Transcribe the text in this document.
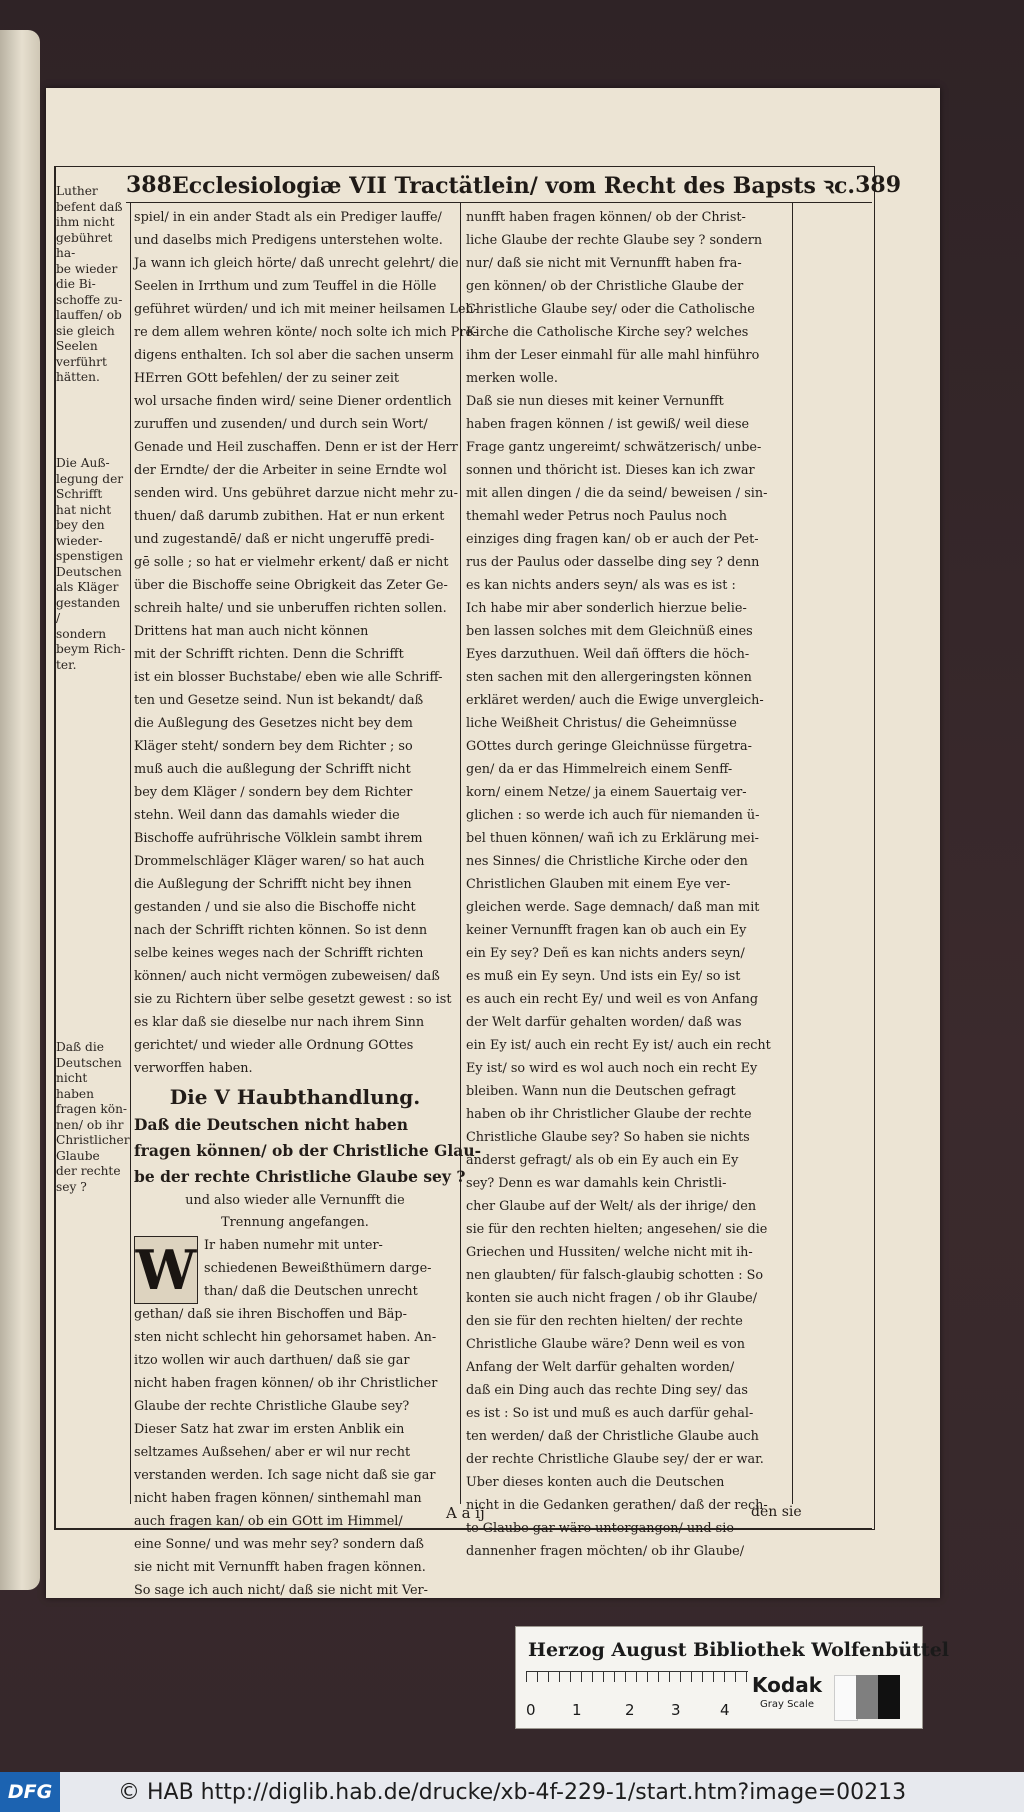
388 Ecclesiologiæ VII Tractätlein/ vom Recht des Bapsts ꝛc. 389
Luther
befent daß
ihm nicht
gebühret ha-
be wieder
die Bi-
schoffe zu-
lauffen/ ob
sie gleich
Seelen
verführt
hätten.
Die Auß-
legung der
Schrifft
hat nicht
bey den
wieder-
spenstigen
Deutschen
als Kläger
gestanden /
sondern
beym Rich-
ter.
Daß die
Deutschen
nicht haben
fragen kön-
nen/ ob ihr
Christlicher
Glaube
der rechte
sey ?
spiel/ in ein ander Stadt als ein Prediger lauffe/
und daselbs mich Predigens unterstehen wolte.
Ja wann ich gleich hörte/ daß unrecht gelehrt/ die
Seelen in Irrthum und zum Teuffel in die Hölle
geführet würden/ und ich mit meiner heilsamen Leh-
re dem allem wehren könte/ noch solte ich mich Pre-
digens enthalten. Ich sol aber die sachen unserm
HErren GOtt befehlen/ der zu seiner zeit
wol ursache finden wird/ seine Diener ordentlich
zuruffen und zusenden/ und durch sein Wort/
Genade und Heil zuschaffen. Denn er ist der Herr
der Erndte/ der die Arbeiter in seine Erndte wol
senden wird. Uns gebühret darzue nicht mehr zu-
thuen/ daß darumb zubithen. Hat er nun erkent
und zugestandē/ daß er nicht ungeruffē predi-
gē solle ; so hat er vielmehr erkent/ daß er nicht
über die Bischoffe seine Obrigkeit das Zeter Ge-
schreih halte/ und sie unberuffen richten sollen.
Drittens hat man auch nicht können
mit der Schrifft richten. Denn die Schrifft
ist ein blosser Buchstabe/ eben wie alle Schriff-
ten und Gesetze seind. Nun ist bekandt/ daß
die Außlegung des Gesetzes nicht bey dem
Kläger steht/ sondern bey dem Richter ; so
muß auch die außlegung der Schrifft nicht
bey dem Kläger / sondern bey dem Richter
stehn. Weil dann das damahls wieder die
Bischoffe aufrührische Völklein sambt ihrem
Drommelschläger Kläger waren/ so hat auch
die Außlegung der Schrifft nicht bey ihnen
gestanden / und sie also die Bischoffe nicht
nach der Schrifft richten können. So ist denn
selbe keines weges nach der Schrifft richten
können/ auch nicht vermögen zubeweisen/ daß
sie zu Richtern über selbe gesetzt gewest : so ist
es klar daß sie dieselbe nur nach ihrem Sinn
gerichtet/ und wieder alle Ordnung GOttes
verworffen haben.
Die V Haubthandlung.
Daß die Deutschen nicht haben
fragen können/ ob der Christliche Glau-
be der rechte Christliche Glaube sey ?
und also wieder alle Vernunfft die
Trennung angefangen.
W Ir haben numehr mit unter-
schiedenen Beweißthümern darge-
than/ daß die Deutschen unrecht
gethan/ daß sie ihren Bischoffen und Bäp-
sten nicht schlecht hin gehorsamet haben. An-
itzo wollen wir auch darthuen/ daß sie gar
nicht haben fragen können/ ob ihr Christlicher
Glaube der rechte Christliche Glaube sey?
Dieser Satz hat zwar im ersten Anblik ein
seltzames Außsehen/ aber er wil nur recht
verstanden werden. Ich sage nicht daß sie gar
nicht haben fragen können/ sinthemahl man
auch fragen kan/ ob ein GOtt im Himmel/
eine Sonne/ und was mehr sey? sondern daß
sie nicht mit Vernunfft haben fragen können.
So sage ich auch nicht/ daß sie nicht mit Ver-
nunfft haben fragen können/ ob der Christ-
liche Glaube der rechte Glaube sey ? sondern
nur/ daß sie nicht mit Vernunfft haben fra-
gen können/ ob der Christliche Glaube der
Christliche Glaube sey/ oder die Catholische
Kirche die Catholische Kirche sey? welches
ihm der Leser einmahl für alle mahl hinführo
merken wolle.
Daß sie nun dieses mit keiner Vernunfft
haben fragen können / ist gewiß/ weil diese
Frage gantz ungereimt/ schwätzerisch/ unbe-
sonnen und thöricht ist. Dieses kan ich zwar
mit allen dingen / die da seind/ beweisen / sin-
themahl weder Petrus noch Paulus noch
einziges ding fragen kan/ ob er auch der Pet-
rus der Paulus oder dasselbe ding sey ? denn
es kan nichts anders seyn/ als was es ist :
Ich habe mir aber sonderlich hierzue belie-
ben lassen solches mit dem Gleichnüß eines
Eyes darzuthuen. Weil dañ öffters die höch-
sten sachen mit den allergeringsten können
erkläret werden/ auch die Ewige unvergleich-
liche Weißheit Christus/ die Geheimnüsse
GOttes durch geringe Gleichnüsse fürgetra-
gen/ da er das Himmelreich einem Senff-
korn/ einem Netze/ ja einem Sauertaig ver-
glichen : so werde ich auch für niemanden ü-
bel thuen können/ wañ ich zu Erklärung mei-
nes Sinnes/ die Christliche Kirche oder den
Christlichen Glauben mit einem Eye ver-
gleichen werde. Sage demnach/ daß man mit
keiner Vernunfft fragen kan ob auch ein Ey
ein Ey sey? Deñ es kan nichts anders seyn/
es muß ein Ey seyn. Und ists ein Ey/ so ist
es auch ein recht Ey/ und weil es von Anfang
der Welt darfür gehalten worden/ daß was
ein Ey ist/ auch ein recht Ey ist/ auch ein recht
Ey ist/ so wird es wol auch noch ein recht Ey
bleiben. Wann nun die Deutschen gefragt
haben ob ihr Christlicher Glaube der rechte
Christliche Glaube sey? So haben sie nichts
anderst gefragt/ als ob ein Ey auch ein Ey
sey? Denn es war damahls kein Christli-
cher Glaube auf der Welt/ als der ihrige/ den
sie für den rechten hielten; angesehen/ sie die
Griechen und Hussiten/ welche nicht mit ih-
nen glaubten/ für falsch-glaubig schotten : So
konten sie auch nicht fragen / ob ihr Glaube/
den sie für den rechten hielten/ der rechte
Christliche Glaube wäre? Denn weil es von
Anfang der Welt darfür gehalten worden/
daß ein Ding auch das rechte Ding sey/ das
es ist : So ist und muß es auch darfür gehal-
ten werden/ daß der Christliche Glaube auch
der rechte Christliche Glaube sey/ der er war.
Uber dieses konten auch die Deutschen
nicht in die Gedanken gerathen/ daß der rech-
te Glaube gar wäre untergangen/ und sie
dannenher fragen möchten/ ob ihr Glaube/
A a ij	den sie
Herzog August Bibliothek Wolfenbüttel
0 1	2 3	4
Kodak
Gray Scale
DFG	© HAB http://diglib.hab.de/drucke/xb-4f-229-1/start.htm?image=00213
